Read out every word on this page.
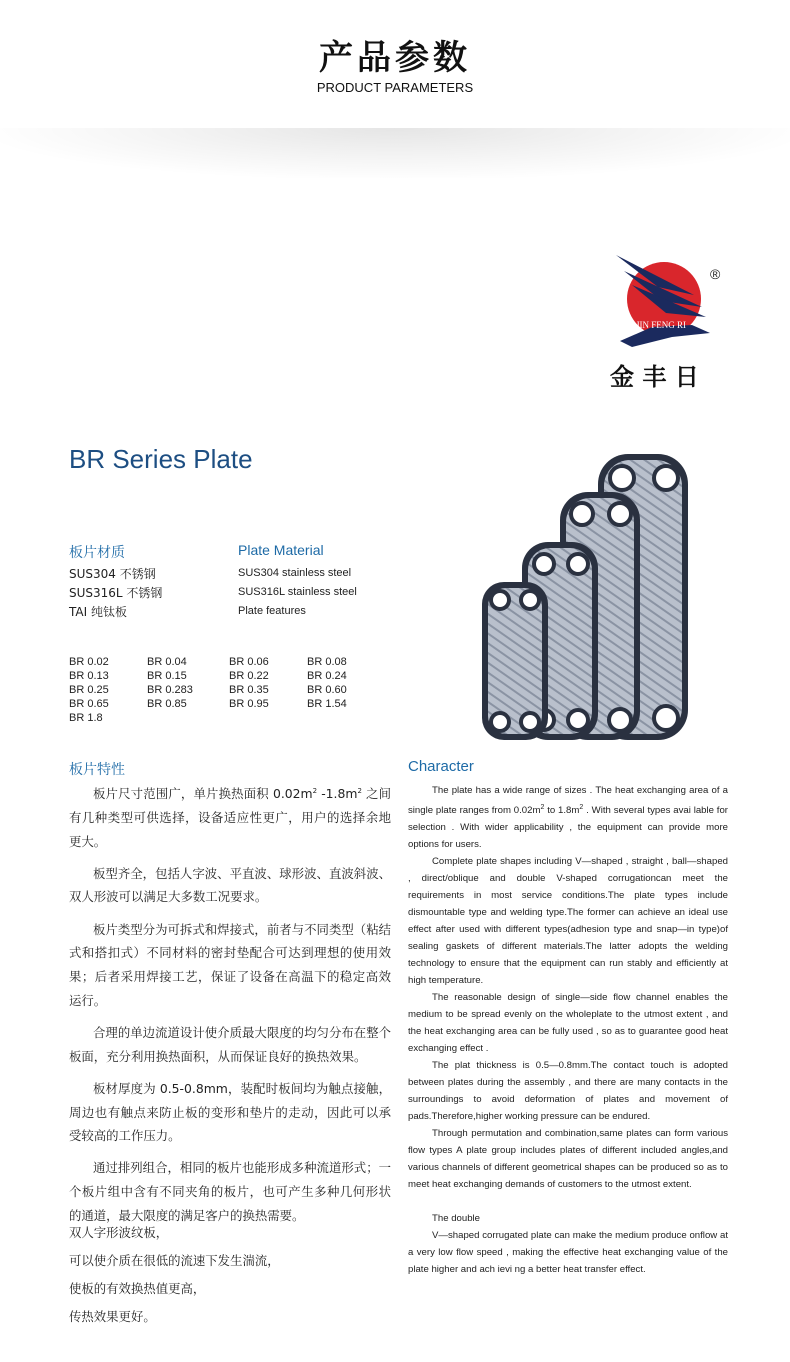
产品参数
PRODUCT PARAMETERS
JIN FENG RI
®
金 丰 日
BR Series Plate
板片材质
SUS304 不锈钢
SUS316L 不锈钢
TAI 纯钛板
Plate Material
SUS304 stainless steel
SUS316L stainless steel
Plate features
BR 0.02	BR 0.04	BR 0.06	BR 0.08
BR 0.13	BR 0.15	BR 0.22	BR 0.24
BR 0.25	BR 0.283	BR 0.35	BR 0.60
BR 0.65	BR 0.85	BR 0.95	BR 1.54
BR 1.8
板片特性	Character

板片尺寸范围广，单片换热面积 $0.02m^2$ $-1.8m^2$ 之间有几种类型可供选择，设备适应性更广，用户的选择余地更大。

板型齐全，包括人字波、平直波、球形波、直波斜波、双人形波可以满足大多数工况要求。

板片类型分为可拆式和焊接式，前者与不同类型（粘结式和搭扣式）不同材料的密封垫配合可达到理想的使用效果；后者采用焊接工艺，保证了设备在高温下的稳定高效运行。

合理的单边流道设计使介质最大限度的均匀分布在整个板面，充分利用换热面积，从而保证良好的换热效果。

板材厚度为 0.5-0.8mm，装配时板间均为触点接触，周边也有触点来防止板的变形和垫片的走动，因此可以承受较高的工作压力。

通过排列组合，相同的板片也能形成多种流道形式；一个板片组中含有不同夹角的板片，也可产生多种几何形状的通道，最大限度的满足客户的换热需要。

双人字形波纹板，
可以使介质在很低的流速下发生湍流，
使板的有效换热值更高，
传热效果更好。

The plate has a wide range of sizes . The heat exchanging area of a single plate ranges from $0.02m^2$ to $1.8m^2$ . With several types avai lable for selection . With wider applicability , the equipment can provide more options for users.

Complete plate shapes including V—shaped , straight , ball—shaped , direct/oblique and double V-shaped corrugationcan meet the requirements in most service conditions.The plate types include dismountable type and welding type.The former can achieve an ideal use effect after used with different types(adhesion type and snap—in type)of sealing gaskets of different materials.The latter adopts the welding technology to ensure that the equipment can run stably and efficiently at high temperature.

The reasonable design of single—side flow channel enables the medium to be spread evenly on the wholeplate to the utmost extent , and the heat exchanging area can be fully used , so as to guarantee good heat exchanging effect .

The plat thickness is 0.5—0.8mm.The contact touch is adopted between plates during the assembly , and there are many contacts in the surroundings to avoid deformation of plates and movement of pads.Therefore,higher working pressure can be endured.

Through permutation and combination,same plates can form various flow types A plate group includes plates of different included angles,and various channels of different geometrical shapes can be produced so as to meet heat exchanging demands of customers to the utmost extent.

The double

V—shaped corrugated plate can make the medium produce onflow at a very low flow speed , making the effective heat exchanging value of the plate higher and ach ievi ng a better heat transfer effect.
